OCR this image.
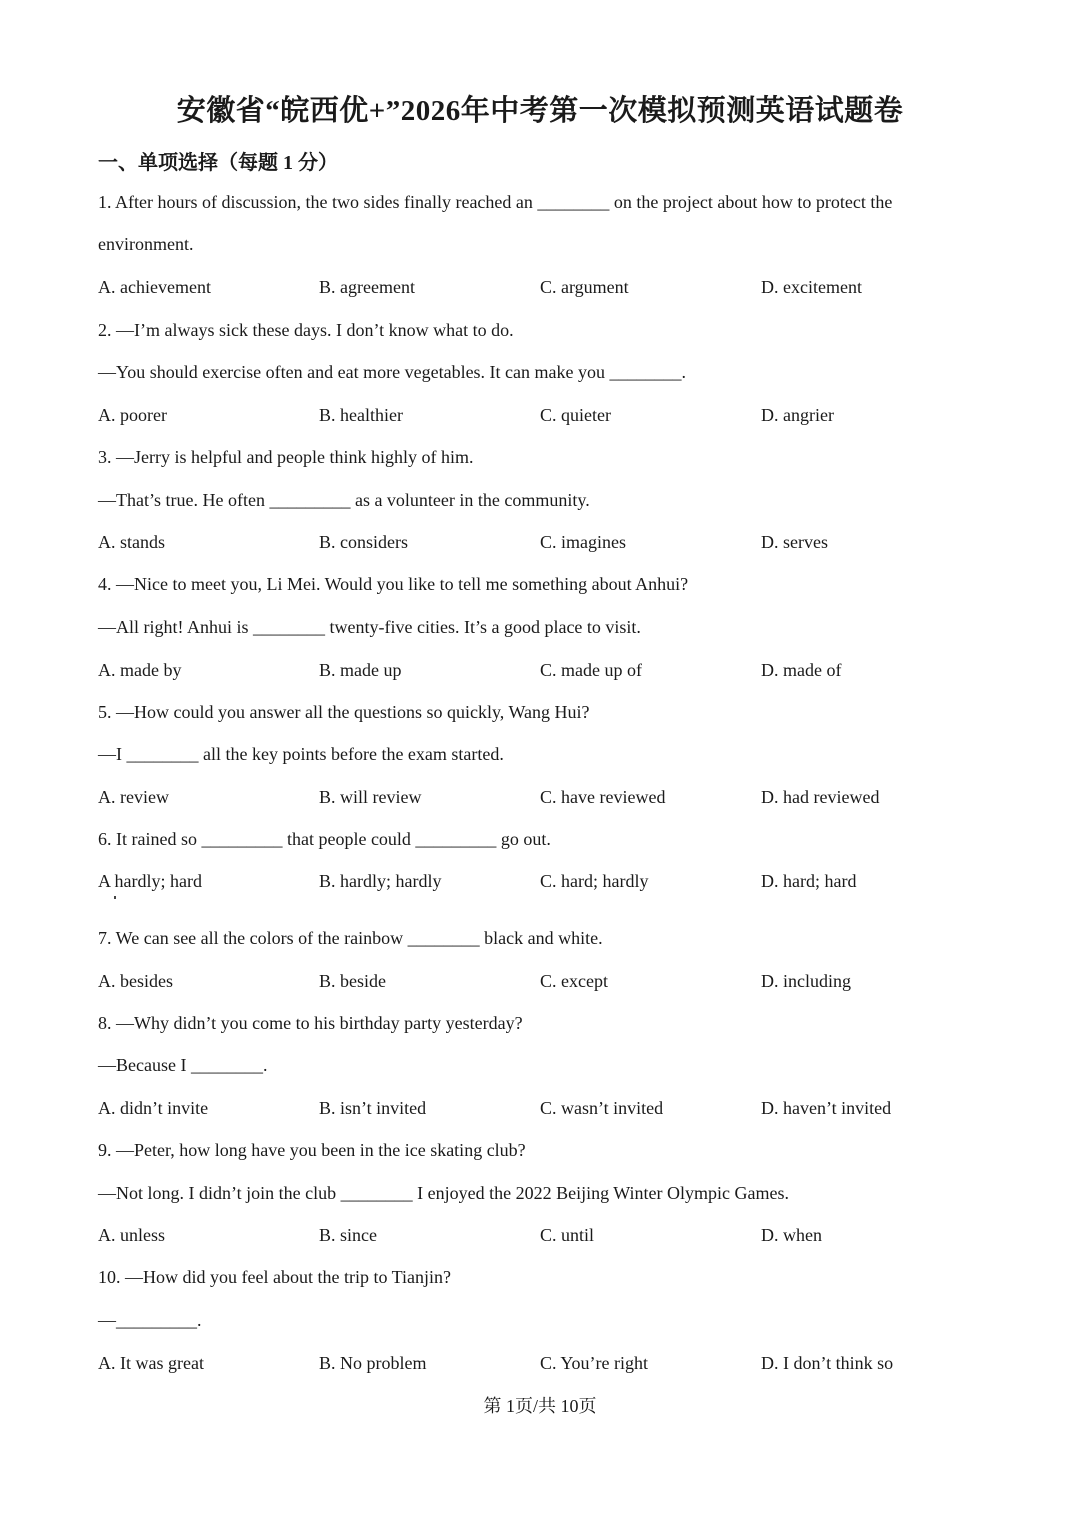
安徽省“皖西优+”2026年中考第一次模拟预测英语试题卷
一、单项选择（每题 1 分）
1. After hours of discussion, the two sides finally reached an ________ on the project about how to protect the
environment.
A. achievement	B. agreement	C. argument	D. excitement
2. —I’m always sick these days. I don’t know what to do.
—You should exercise often and eat more vegetables. It can make you ________.
A. poorer	B. healthier	C. quieter	D. angrier
3. —Jerry is helpful and people think highly of him.
—That’s true. He often _________ as a volunteer in the community.
A. stands	B. considers	C. imagines	D. serves
4. —Nice to meet you, Li Mei. Would you like to tell me something about Anhui?
—All right! Anhui is ________ twenty-five cities. It’s a good place to visit.
A. made by	B. made up	C. made up of	D. made of
5. —How could you answer all the questions so quickly, Wang Hui?
—I ________ all the key points before the exam started.
A. review	B. will review	C. have reviewed	D. had reviewed
6. It rained so _________ that people could _________ go out.
A hardly; hard	B. hardly; hardly	C. hard; hardly	D. hard; hard
7. We can see all the colors of the rainbow ________ black and white.
A. besides	B. beside	C. except	D. including
8. —Why didn’t you come to his birthday party yesterday?
—Because I ________.
A. didn’t invite	B. isn’t invited	C. wasn’t invited	D. haven’t invited
9. —Peter, how long have you been in the ice skating club?
—Not long. I didn’t join the club ________ I enjoyed the 2022 Beijing Winter Olympic Games.
A. unless	B. since	C. until	D. when
10. —How did you feel about the trip to Tianjin?
—_________.
A. It was great	B. No problem	C. You’re right	D. I don’t think so
第 1页/共 10页
